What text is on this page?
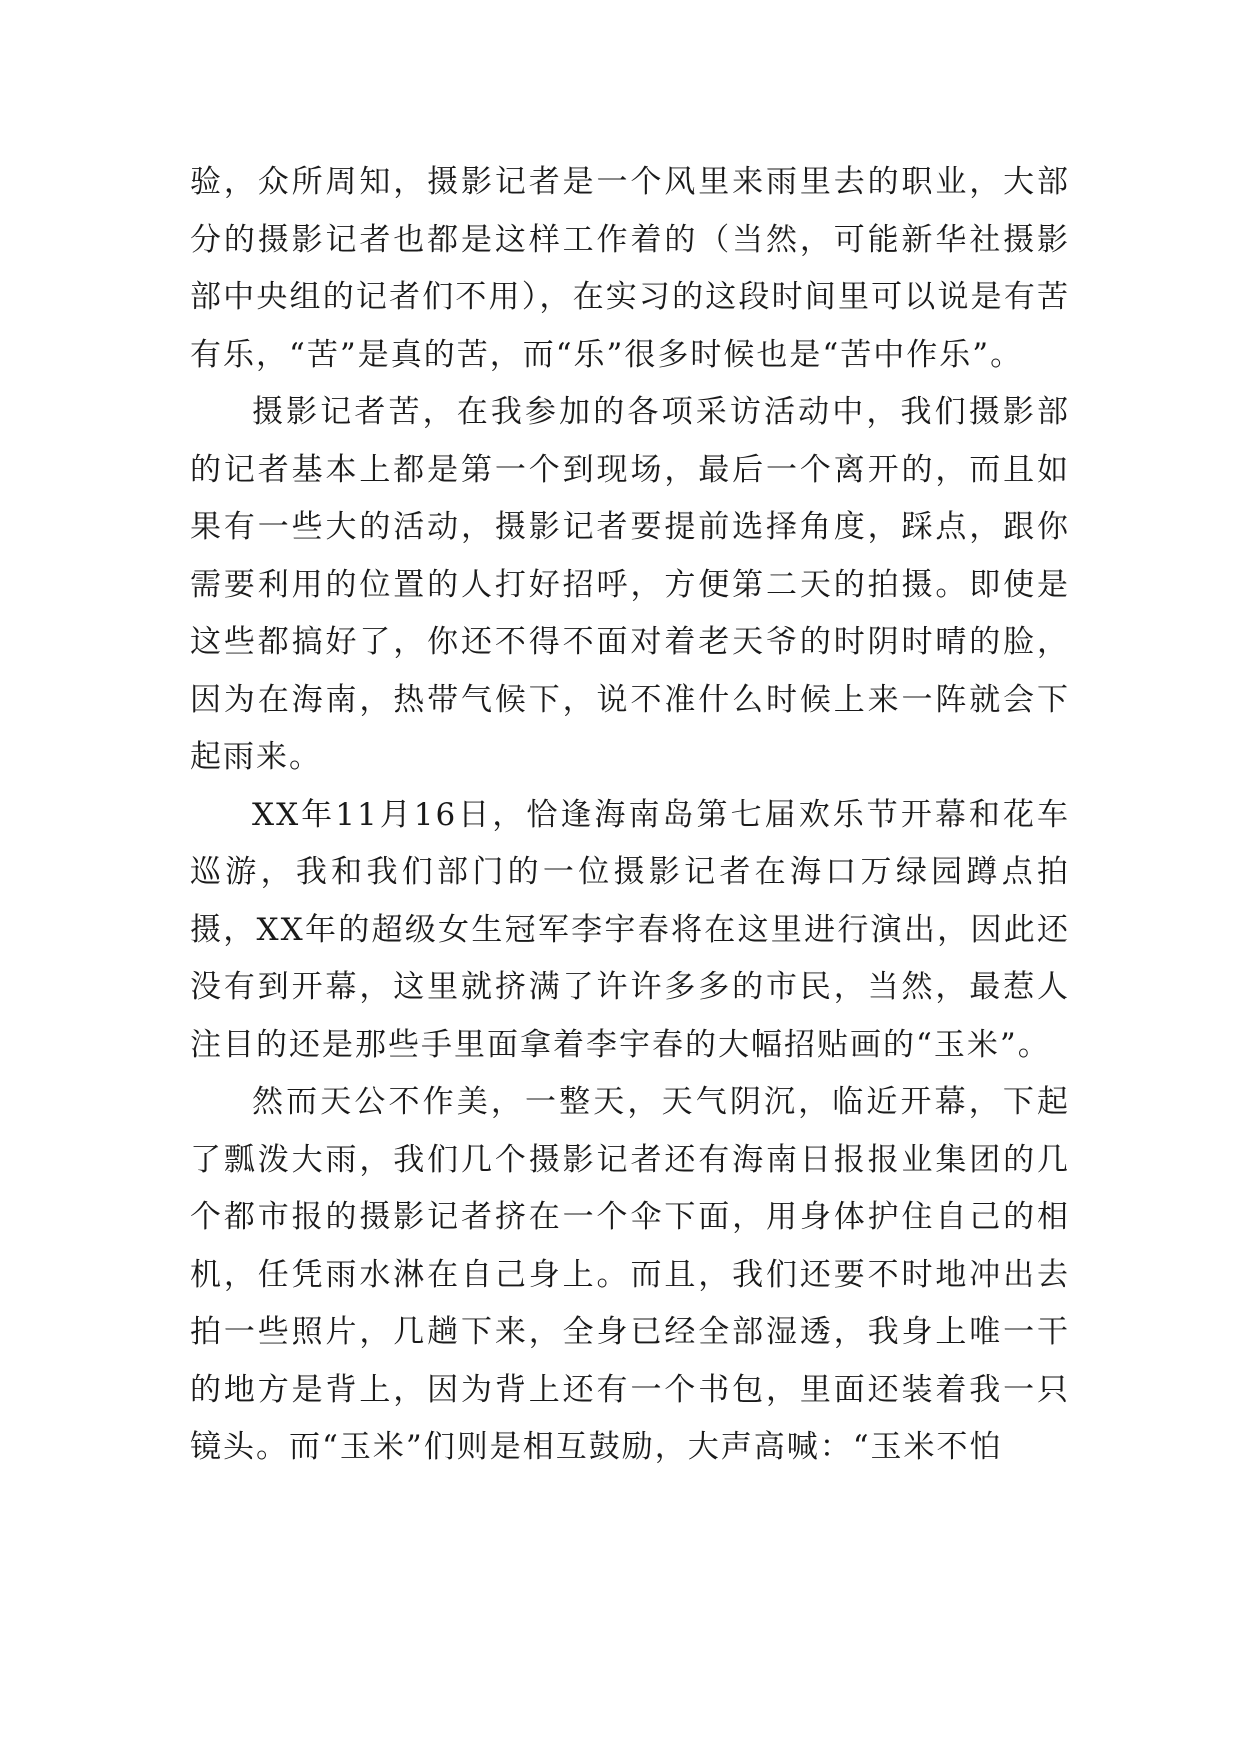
验，众所周知，摄影记者是一个风里来雨里去的职业，大部分的摄影记者也都是这样工作着的（当然，可能新华社摄影部中央组的记者们不用），在实习的这段时间里可以说是有苦有乐，“苦”是真的苦，而“乐”很多时候也是“苦中作乐”。

摄影记者苦，在我参加的各项采访活动中，我们摄影部的记者基本上都是第一个到现场，最后一个离开的，而且如果有一些大的活动，摄影记者要提前选择角度，踩点，跟你需要利用的位置的人打好招呼，方便第二天的拍摄。即使是这些都搞好了，你还不得不面对着老天爷的时阴时晴的脸，因为在海南，热带气候下，说不准什么时候上来一阵就会下起雨来。

XX年11月16日，恰逢海南岛第七届欢乐节开幕和花车巡游，我和我们部门的一位摄影记者在海口万绿园蹲点拍摄，XX年的超级女生冠军李宇春将在这里进行演出，因此还没有到开幕，这里就挤满了许许多多的市民，当然，最惹人注目的还是那些手里面拿着李宇春的大幅招贴画的“玉米”。

然而天公不作美，一整天，天气阴沉，临近开幕，下起了瓢泼大雨，我们几个摄影记者还有海南日报报业集团的几个都市报的摄影记者挤在一个伞下面，用身体护住自己的相机，任凭雨水淋在自己身上。而且，我们还要不时地冲出去拍一些照片，几趟下来，全身已经全部湿透，我身上唯一干的地方是背上，因为背上还有一个书包，里面还装着我一只镜头。而“玉米”们则是相互鼓励，大声高喊：“玉米不怕
